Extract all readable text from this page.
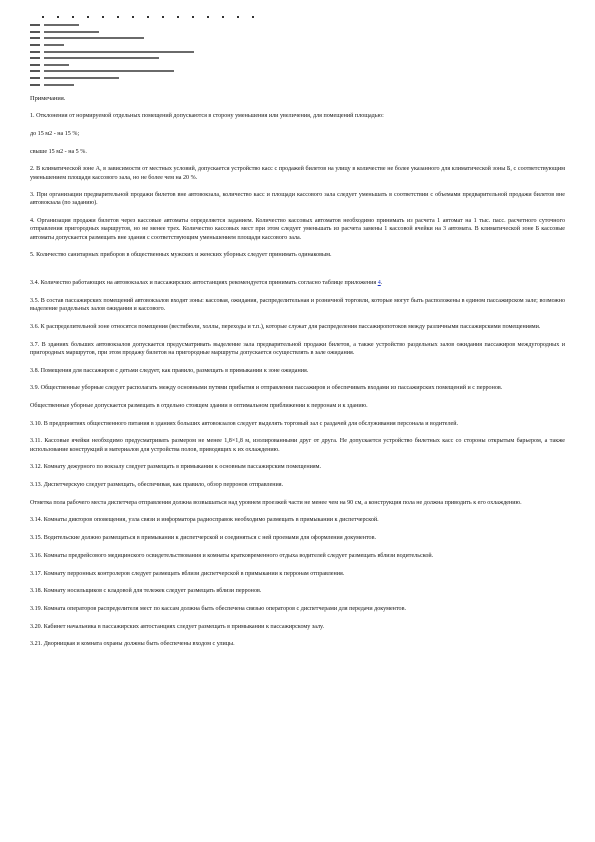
Примечания.

1. Отклонения от нормируемой отдельных помещений допускаются в сторону уменьшения или увеличения, для помещений площадью:

до 15 м2 - на 15 %;

свыше 15 м2 - на 5 %.

2. В климатической зоне А, в зависимости от местных условий, допускается устройство касс с продажей билетов на улицу в количестве не более указанного для климатической зоны Б, с соответствующим уменьшением площади кассового зала, но не более чем на 20 %.

3. При организации предварительной продажи билетов вне автовокзала, количество касс и площади кассового зала следует уменьшать в соответствии с объемами предварительной продажи билетов вне автовокзала (по заданию).

4. Организация продажи билетов через кассовые автоматы определяется заданием. Количество кассовых автоматов необходимо принимать из расчета 1 автомат на 1 тыс. пасс. расчетного суточного отправления пригородных маршрутов, но не менее трех. Количество кассовых мест при этом следует уменьшать из расчета замены 1 кассовой ячейки на 3 автомата. В климатической зоне Б кассовые автоматы допускается размещать вне здания с соответствующим уменьшением площади кассового зала.

5. Количество санитарных приборов в общественных мужских и женских уборных следует принимать одинаковым.

3.4. Количество работающих на автовокзалах и пассажирских автостанциях рекомендуется принимать согласно таблице приложения 4.

3.5. В состав пассажирских помещений автовокзалов входят зоны: кассовая, ожидания, распределительная и розничной торговли, которые могут быть расположены в едином пассажирском зале; возможно выделение раздельных залов ожидания и кассового.

3.6. К распределительной зоне относятся помещения (вестибюли, холлы, переходы и т.п.), которые служат для распределения пассажиропотоков между различными пассажирскими помещениями.

3.7. В зданиях больших автовокзалов допускается предусматривать выделение зала предварительной продажи билетов, а также устройство раздельных залов ожидания пассажиров междугородных и пригородных маршрутов, при этом продажу билетов на пригородные маршруты допускается осуществлять в зале ожидания.

3.8. Помещения для пассажиров с детьми следует, как правило, размещать в примыкании к зоне ожидания.

3.9. Общественные уборные следует располагать между основными путями прибытия и отправления пассажиров и обеспечивать входами из пассажирских помещений и с перронов.

Общественные уборные допускается размещать в отдельно стоящем здании в оптимальном приближении к перронам и к зданию.

3.10. В предприятиях общественного питания в зданиях больших автовокзалов следует выделять торговый зал с раздачей для обслуживания персонала и водителей.

3.11. Кассовые ячейки необходимо предусматривать размером не менее 1,8×1,8 м, изолированными друг от друга. Не допускается устройство билетных касс со стороны открытым барьером, а также использование конструкций и материалов для устройства полов, приводящих к их охлаждению.

3.12. Комнату дежурного по вокзалу следует размещать в примыкании к основным пассажирским помещениям.

3.13. Диспетчерскую следует размещать, обеспечивая, как правило, обзор перронов отправления.

Отметка пола рабочего места диспетчера отправления должна возвышаться над уровнем проезжей части не менее чем на 90 см, а конструкция пола не должна приводить к его охлаждению.

3.14. Комнаты дикторов оповещения, узла связи и информатора радиосправок необходимо размещать в примыкании к диспетчерской.

3.15. Водительские должно размещаться в примыкании к диспетчерской и соединяться с ней проемами для оформления документов.

3.16. Комнаты предрейсового медицинского освидетельствования и комнаты кратковременного отдыха водителей следует размещать вблизи водительской.

3.17. Комнату перронных контролеров следует размещать вблизи диспетчерской в примыкании к перронам отправления.

3.18. Комнату носильщиков с кладовой для тележек следует размещать вблизи перронов.

3.19. Комната операторов распределителя мест по кассам должна быть обеспечена связью операторов с диспетчерами для передачи документов.

3.20. Кабинет начальника в пассажирских автостанциях следует размещать в примыкании к пассажирскому залу.

3.21. Дворницкая и комната охраны должны быть обеспечены входом с улицы.
